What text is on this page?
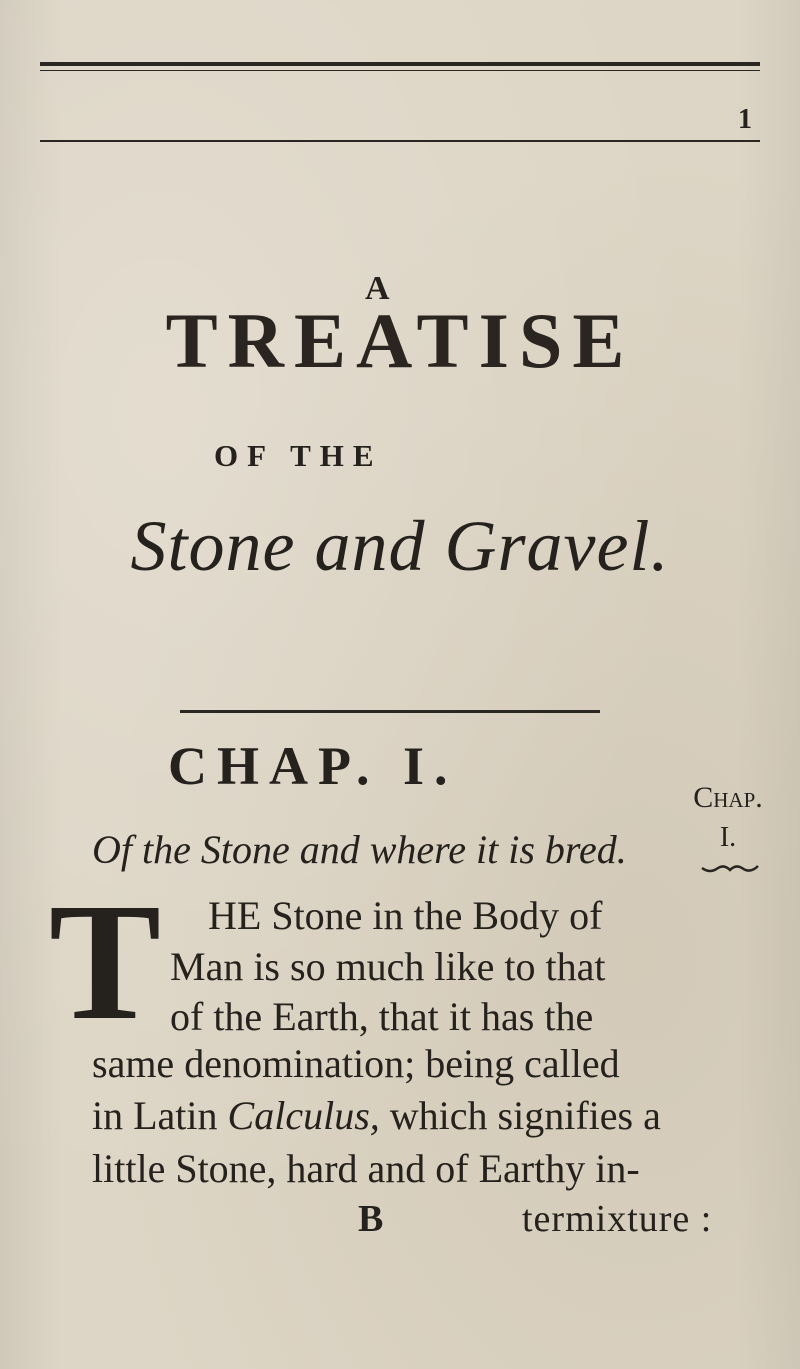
1
A
TREATISE
OF THE
Stone and Gravel.
CHAP. I.
Chap.
I.
Of the Stone and where it is bred.
T HE Stone in the Body of
Man is so much like to that
of the Earth, that it has the
same denomination; being called
in Latin Calculus, which signifies a
little Stone, hard and of Earthy in-
B	termixture :
